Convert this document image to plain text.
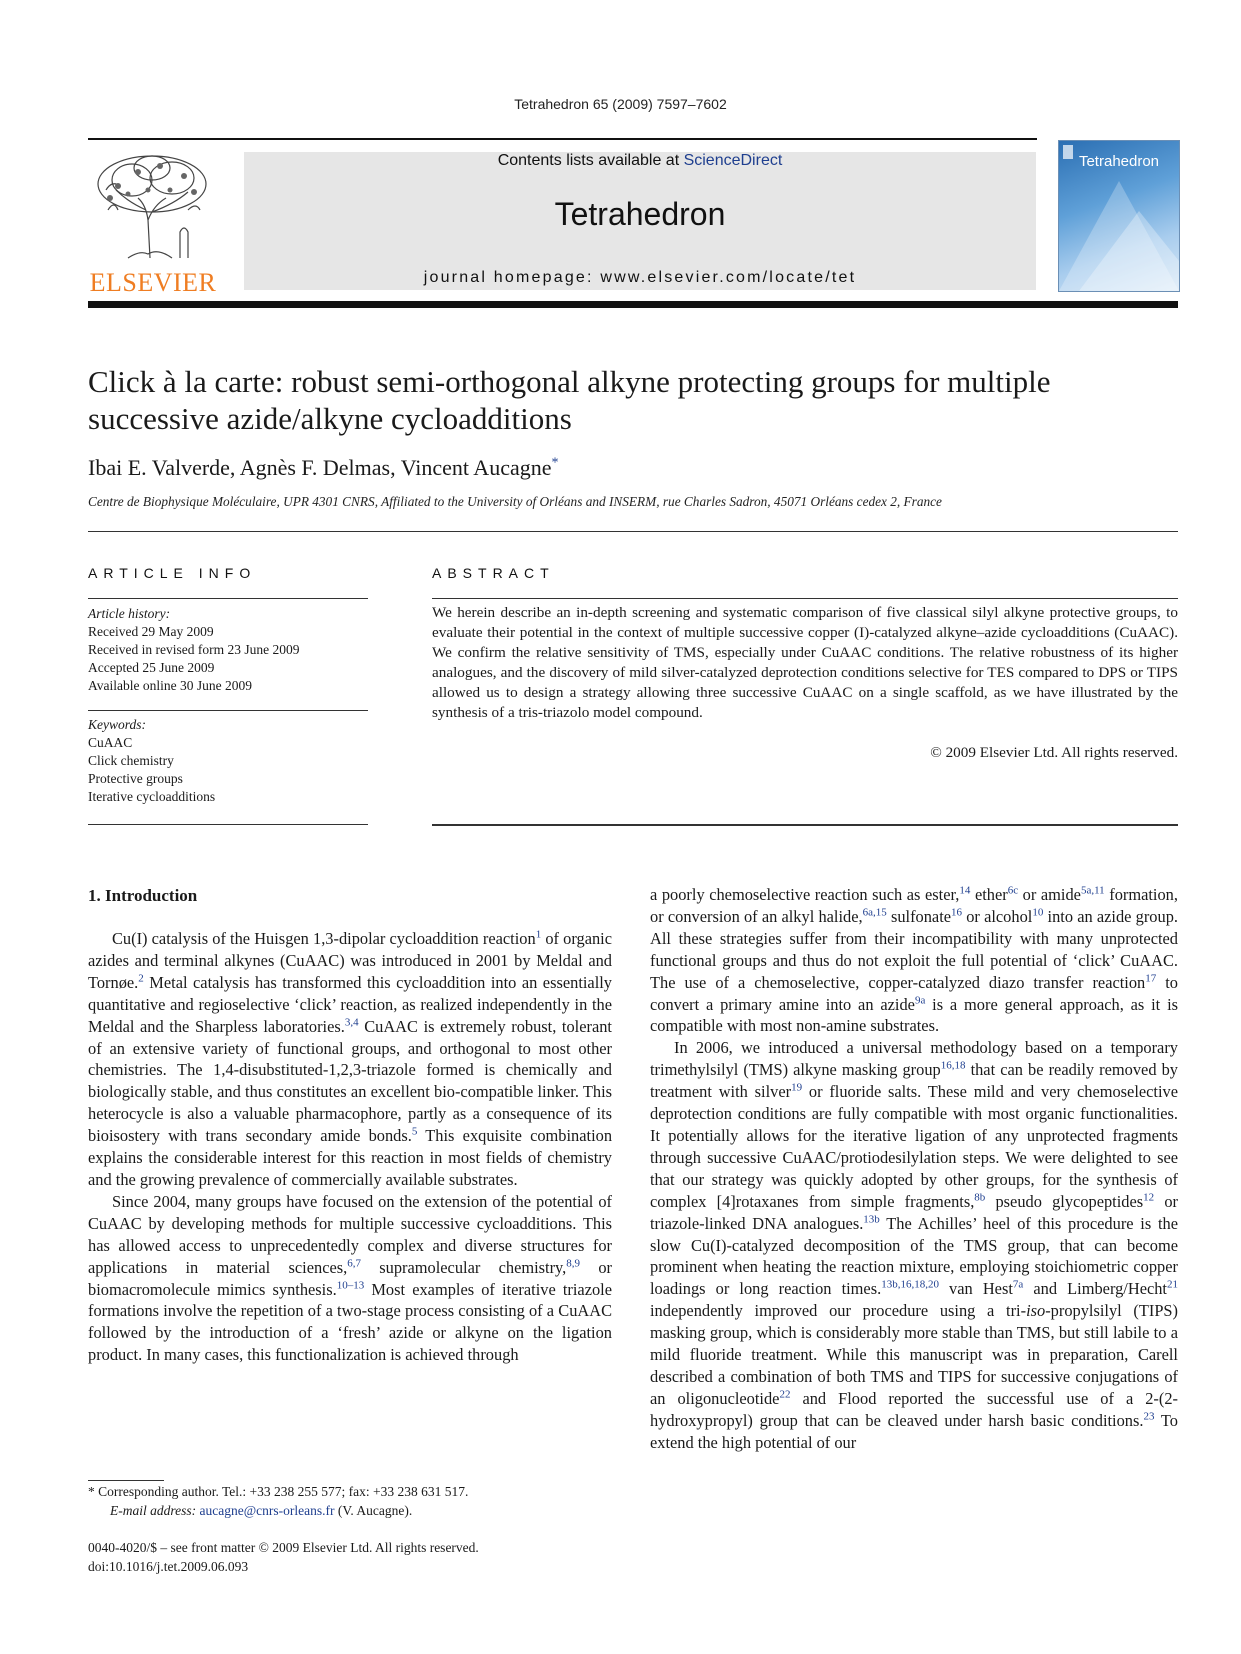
Tetrahedron 65 (2009) 7597–7602
ELSEVIER
Contents lists available at ScienceDirect
Tetrahedron
journal homepage: www.elsevier.com/locate/tet
Tetrahedron
Click à la carte: robust semi-orthogonal alkyne protecting groups for multiple successive azide/alkyne cycloadditions
Ibai E. Valverde, Agnès F. Delmas, Vincent Aucagne*
Centre de Biophysique Moléculaire, UPR 4301 CNRS, Affiliated to the University of Orléans and INSERM, rue Charles Sadron, 45071 Orléans cedex 2, France
ARTICLE INFO	ABSTRACT
Article history:
Received 29 May 2009
Received in revised form 23 June 2009
Accepted 25 June 2009
Available online 30 June 2009
Keywords:
CuAAC
Click chemistry
Protective groups
Iterative cycloadditions
We herein describe an in-depth screening and systematic comparison of five classical silyl alkyne protective groups, to evaluate their potential in the context of multiple successive copper (I)-catalyzed alkyne–azide cycloadditions (CuAAC). We confirm the relative sensitivity of TMS, especially under CuAAC conditions. The relative robustness of its higher analogues, and the discovery of mild silver-catalyzed deprotection conditions selective for TES compared to DPS or TIPS allowed us to design a strategy allowing three successive CuAAC on a single scaffold, as we have illustrated by the synthesis of a tris-triazolo model compound.
© 2009 Elsevier Ltd. All rights reserved.
1. Introduction

Cu(I) catalysis of the Huisgen 1,3-dipolar cycloaddition reaction$^1$ of organic azides and terminal alkynes (CuAAC) was introduced in 2001 by Meldal and Tornøe.$^2$ Metal catalysis has transformed this cycloaddition into an essentially quantitative and regioselective ‘click’ reaction, as realized independently in the Meldal and the Sharpless laboratories.$^{3,4}$ CuAAC is extremely robust, tolerant of an extensive variety of functional groups, and orthogonal to most other chemistries. The 1,4-disubstituted-1,2,3-triazole formed is chemically and biologically stable, and thus constitutes an excellent bio-compatible linker. This heterocycle is also a valuable pharmacophore, partly as a consequence of its bioisostery with trans secondary amide bonds.$^5$ This exquisite combination explains the considerable interest for this reaction in most fields of chemistry and the growing prevalence of commercially available substrates.

Since 2004, many groups have focused on the extension of the potential of CuAAC by developing methods for multiple successive cycloadditions. This has allowed access to unprecedentedly complex and diverse structures for applications in material sciences,$^{6,7}$ supramolecular chemistry,$^{8,9}$ or biomacromolecule mimics synthesis.$^{10-13}$ Most examples of iterative triazole formations involve the repetition of a two-stage process consisting of a CuAAC followed by the introduction of a ‘fresh’ azide or alkyne on the ligation product. In many cases, this functionalization is achieved through

a poorly chemoselective reaction such as ester,$^{14}$ ether$^{6c}$ or amide$^{5a,11}$ formation, or conversion of an alkyl halide,$^{6a,15}$ sulfonate$^{16}$ or alcohol$^{10}$ into an azide group. All these strategies suffer from their incompatibility with many unprotected functional groups and thus do not exploit the full potential of ‘click’ CuAAC. The use of a chemoselective, copper-catalyzed diazo transfer reaction$^{17}$ to convert a primary amine into an azide$^{9a}$ is a more general approach, as it is compatible with most non-amine substrates.

In 2006, we introduced a universal methodology based on a temporary trimethylsilyl (TMS) alkyne masking group$^{16,18}$ that can be readily removed by treatment with silver$^{19}$ or fluoride salts. These mild and very chemoselective deprotection conditions are fully compatible with most organic functionalities. It potentially allows for the iterative ligation of any unprotected fragments through successive CuAAC/protiodesilylation steps. We were delighted to see that our strategy was quickly adopted by other groups, for the synthesis of complex [4]rotaxanes from simple fragments,$^{8b}$ pseudo glycopeptides$^{12}$ or triazole-linked DNA analogues.$^{13b}$ The Achilles’ heel of this procedure is the slow Cu(I)-catalyzed decomposition of the TMS group, that can become prominent when heating the reaction mixture, employing stoichiometric copper loadings or long reaction times.$^{13b,16,18,20}$ van Hest$^{7a}$ and Limberg/Hecht$^{21}$ independently improved our procedure using a tri-iso-propylsilyl (TIPS) masking group, which is considerably more stable than TMS, but still labile to a mild fluoride treatment. While this manuscript was in preparation, Carell described a combination of both TMS and TIPS for successive conjugations of an oligonucleotide$^{22}$ and Flood reported the successful use of a 2-(2-hydroxypropyl) group that can be cleaved under harsh basic conditions.$^{23}$ To extend the high potential of our

* Corresponding author. Tel.: +33 238 255 577; fax: +33 238 631 517.
E-mail address: aucagne@cnrs-orleans.fr (V. Aucagne).
0040-4020/$ – see front matter © 2009 Elsevier Ltd. All rights reserved.
doi:10.1016/j.tet.2009.06.093
